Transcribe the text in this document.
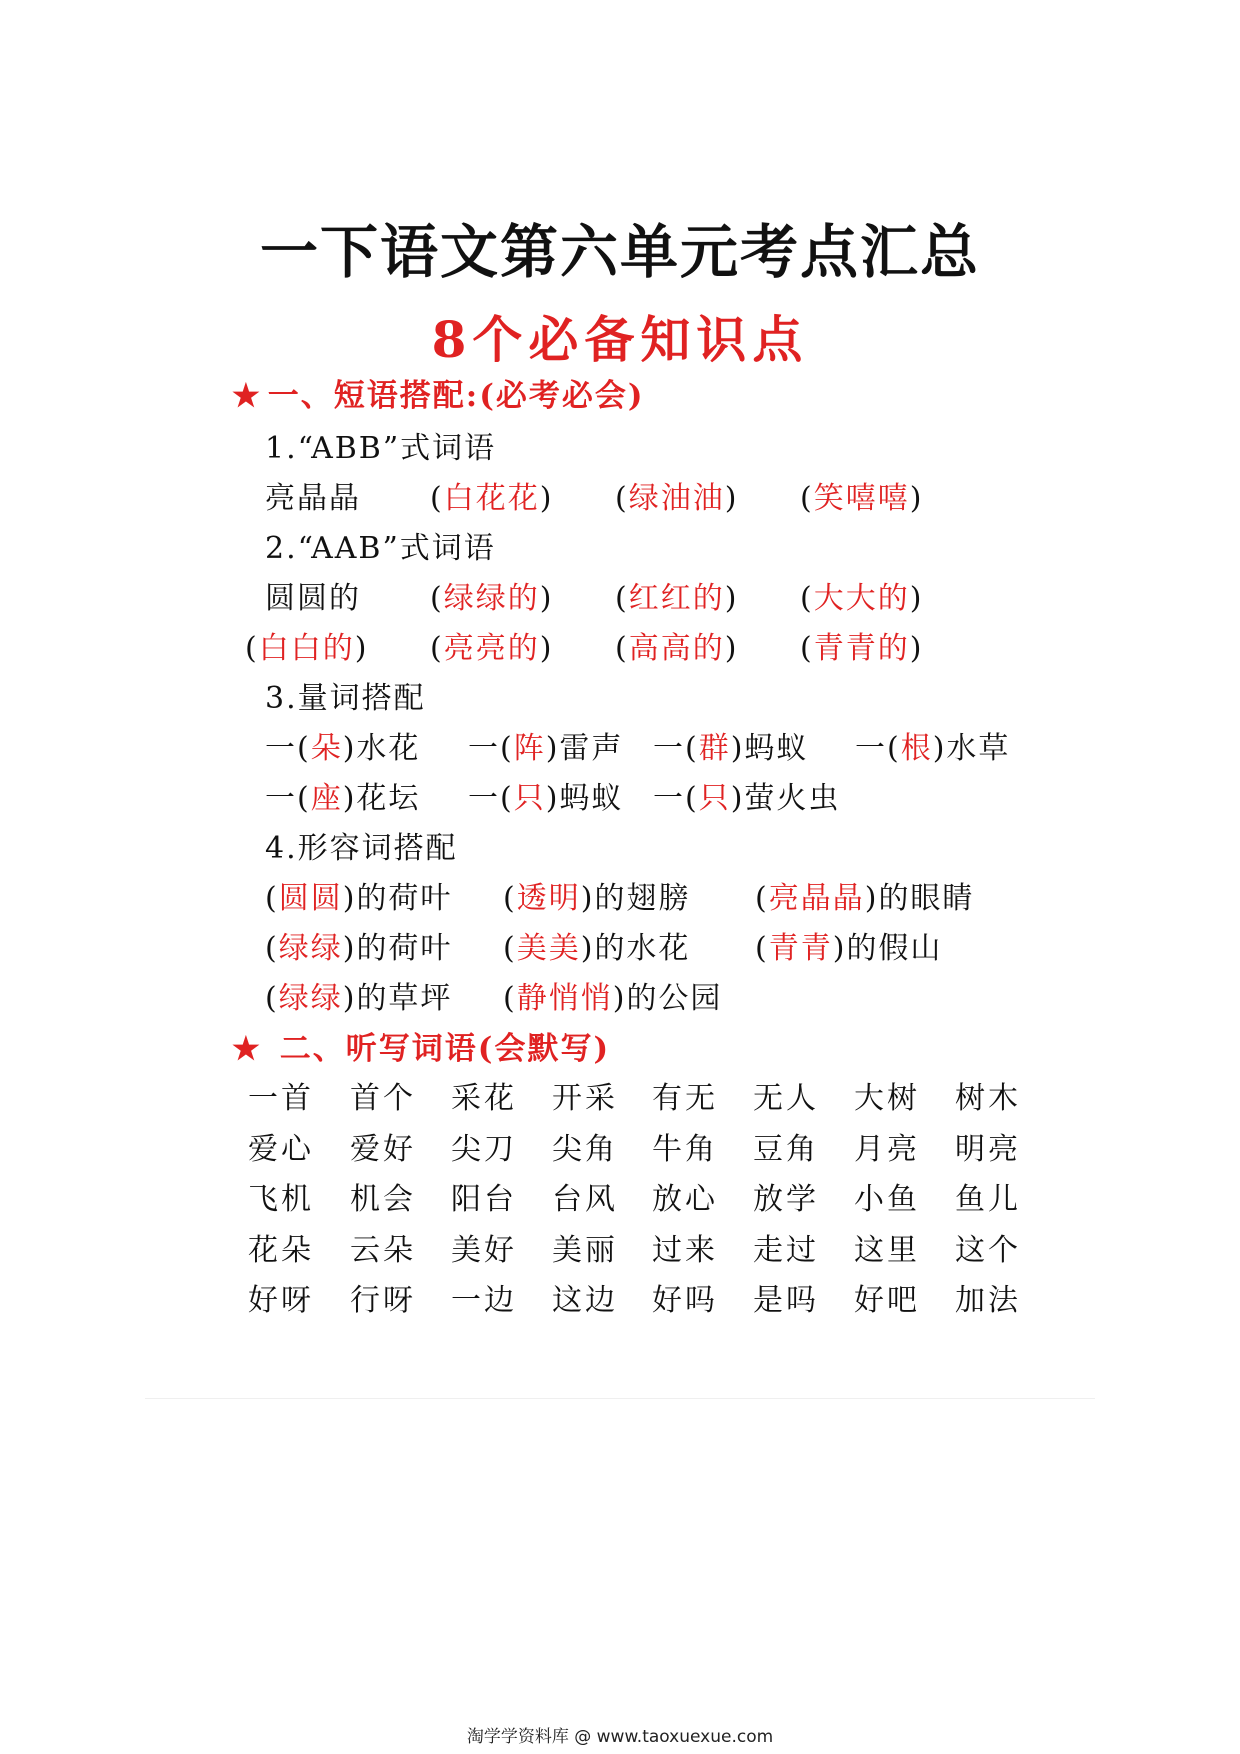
一下语文第六单元考点汇总
8个必备知识点
★ 一、短语搭配:(必考必会)
1.“ABB”式词语
亮晶晶 (白花花) (绿油油) (笑嘻嘻)
2.“AAB”式词语
圆圆的 (绿绿的) (红红的) (大大的)
(白白的) (亮亮的) (高高的) (青青的)
3.量词搭配
一(朵)水花 一(阵)雷声 一(群)蚂蚁 一(根)水草
一(座)花坛 一(只)蚂蚁 一(只)萤火虫
4.形容词搭配
(圆圆)的荷叶 (透明)的翅膀 (亮晶晶)的眼睛
(绿绿)的荷叶 (美美)的水花 (青青)的假山
(绿绿)的草坪 (静悄悄)的公园
★ 二、听写词语(会默写)
一首 首个 采花 开采 有无 无人 大树 树木
爱心 爱好 尖刀 尖角 牛角 豆角 月亮 明亮
飞机 机会 阳台 台风 放心 放学 小鱼 鱼儿
花朵 云朵 美好 美丽 过来 走过 这里 这个
好呀 行呀 一边 这边 好吗 是吗 好吧 加法
淘学学资料库 @ www.taoxuexue.com
